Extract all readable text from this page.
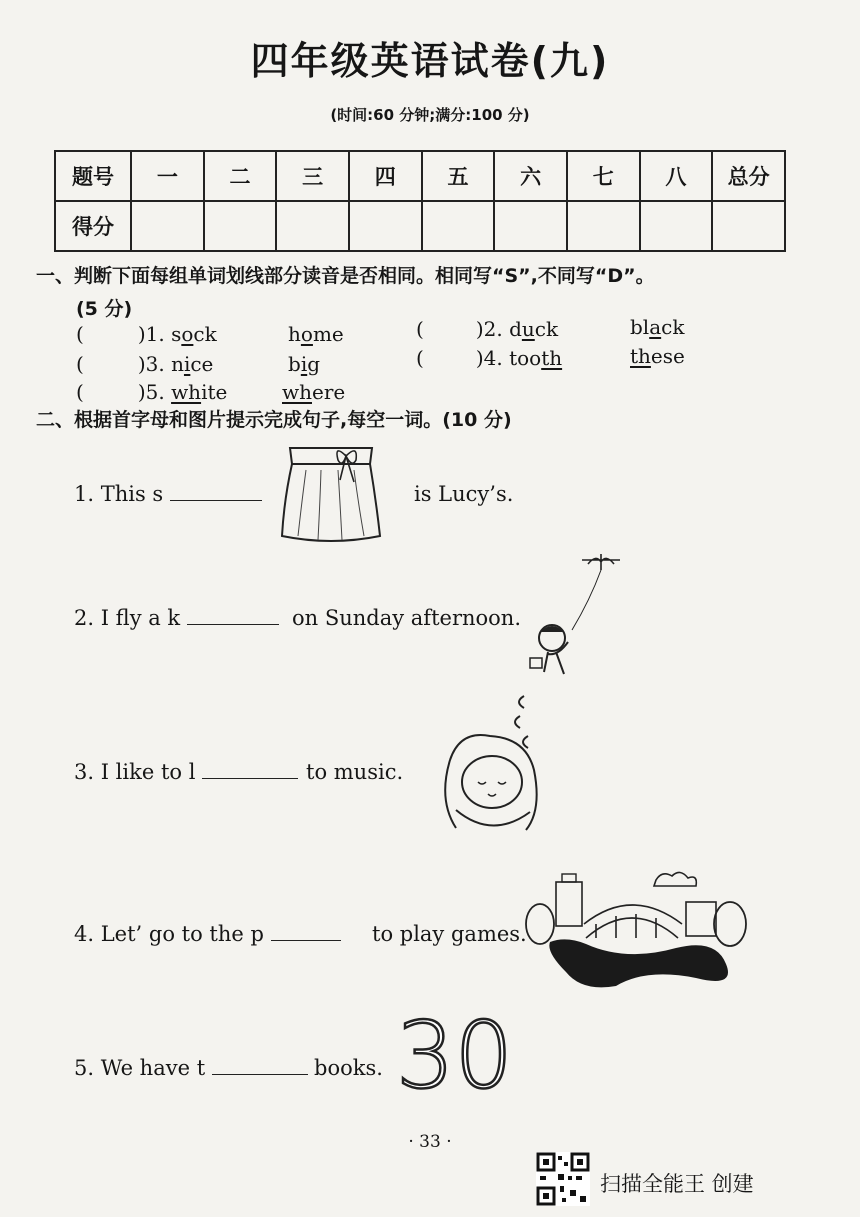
四年级英语试卷(九)
(时间:60 分钟;满分:100 分)
题号	一	二	三	四	五	六	七	八	总分
得分									
一、判断下面每组单词划线部分读音是否相同。相同写“S”,不同写“D”。
(5 分)
(	)1. sock	home	(	)2. duck	black
(	)3. nice	big	(	)4. tooth	these
(	)5. white	where
二、根据首字母和图片提示完成句子,每空一词。(10 分)
1. This s	is Lucy’s.
2. I fly a k	on Sunday afternoon.
3. I like to l	to music.
4. Let’ go to the p	to play games.
5. We have t	books. 30
· 33 ·
扫描全能王 创建
